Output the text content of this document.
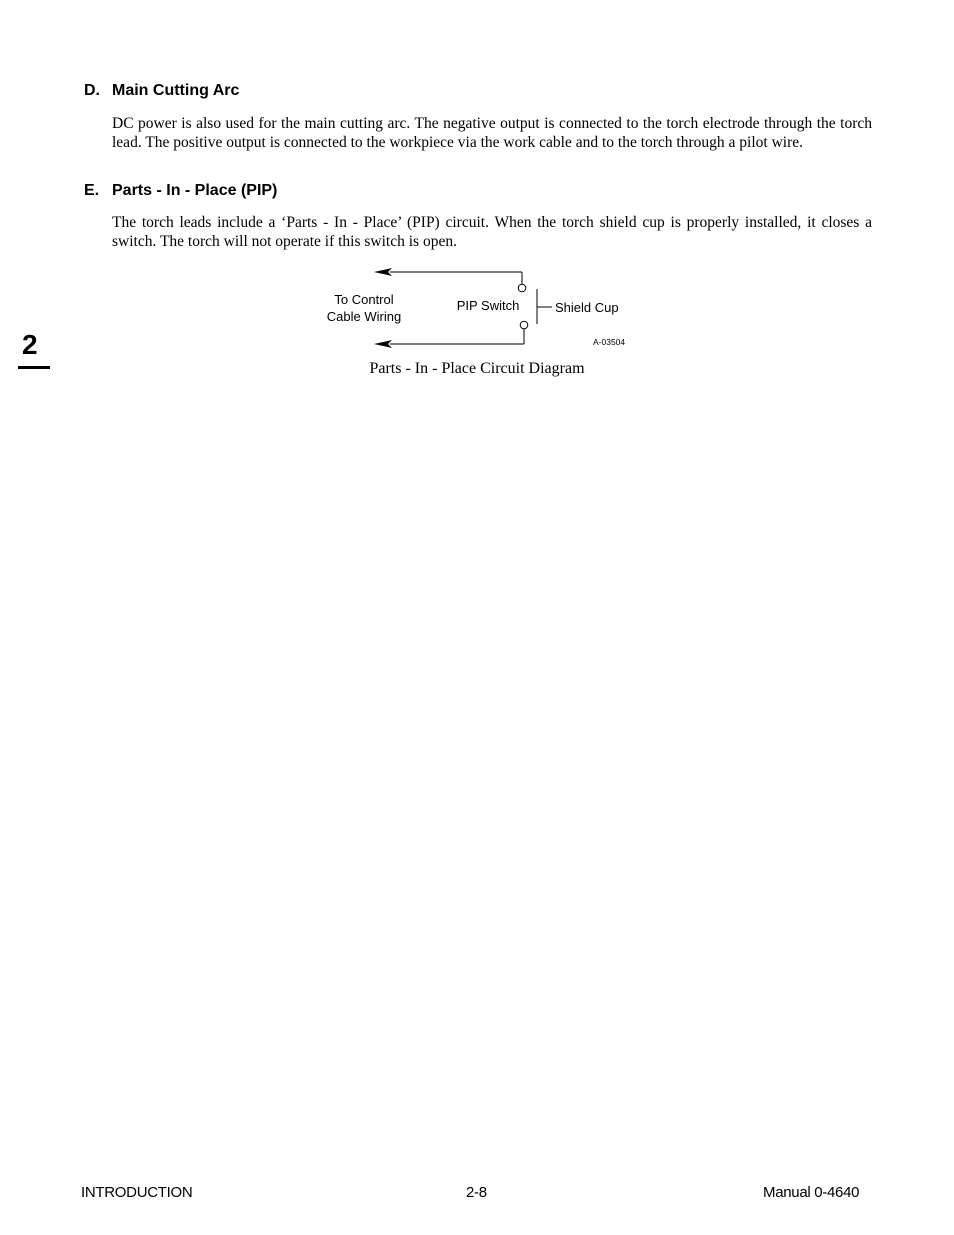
D. Main Cutting Arc

DC power is also used for the main cutting arc. The negative output is connected to the torch electrode through the torch lead. The positive output is connected to the workpiece via the work cable and to the torch through a pilot wire.

E. Parts - In - Place (PIP)

The torch leads include a ‘Parts - In - Place’ (PIP) circuit. When the torch shield cup is properly installed, it closes a switch. The torch will not operate if this switch is open.

To Control
Cable Wiring
PIP Switch	Shield Cup
A-03504

Parts - In - Place Circuit Diagram

2
INTRODUCTION	2-8	Manual 0-4640
